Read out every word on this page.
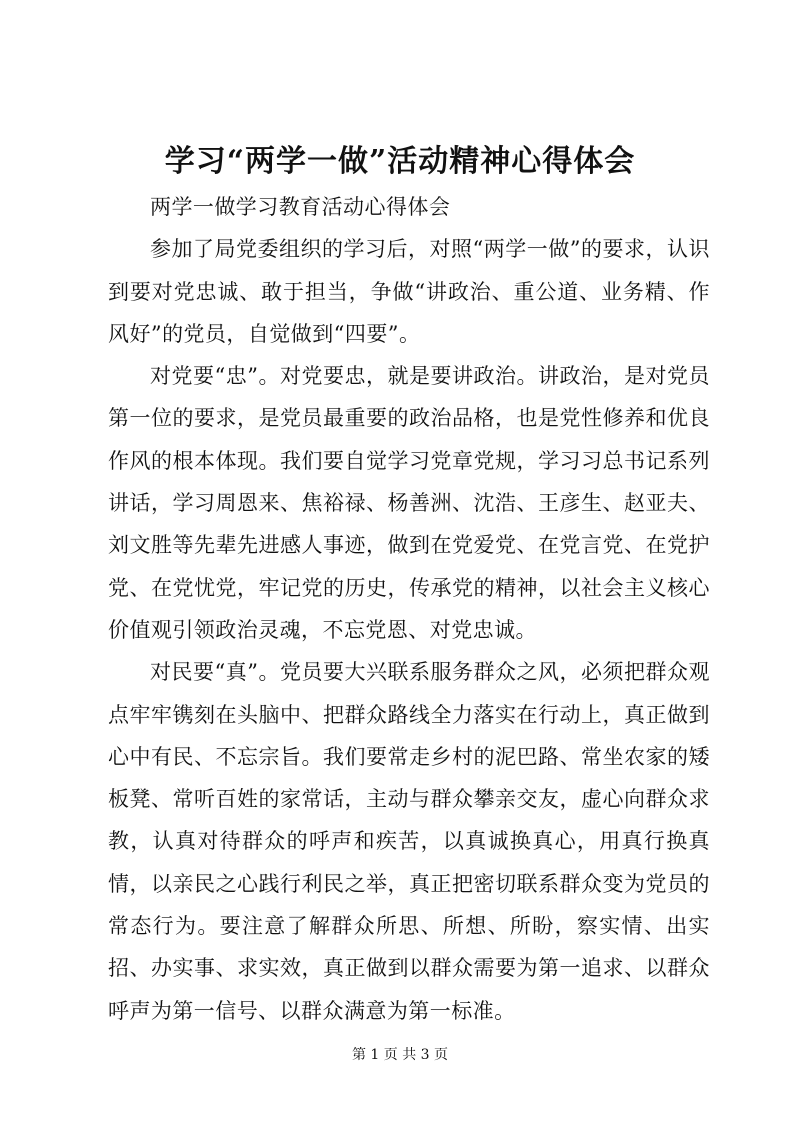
学习“两学一做”活动精神心得体会

两学一做学习教育活动心得体会

参加了局党委组织的学习后，对照“两学一做”的要求，认识到要对党忠诚、敢于担当，争做“讲政治、重公道、业务精、作风好”的党员，自觉做到“四要”。

对党要“忠”。对党要忠，就是要讲政治。讲政治，是对党员第一位的要求，是党员最重要的政治品格，也是党性修养和优良作风的根本体现。我们要自觉学习党章党规，学习习总书记系列讲话，学习周恩来、焦裕禄、杨善洲、沈浩、王彦生、赵亚夫、刘文胜等先辈先进感人事迹，做到在党爱党、在党言党、在党护党、在党忧党，牢记党的历史，传承党的精神，以社会主义核心价值观引领政治灵魂，不忘党恩、对党忠诚。

对民要“真”。党员要大兴联系服务群众之风，必须把群众观点牢牢镌刻在头脑中、把群众路线全力落实在行动上，真正做到心中有民、不忘宗旨。我们要常走乡村的泥巴路、常坐农家的矮板凳、常听百姓的家常话，主动与群众攀亲交友，虚心向群众求教，认真对待群众的呼声和疾苦，以真诚换真心，用真行换真情，以亲民之心践行利民之举，真正把密切联系群众变为党员的常态行为。要注意了解群众所思、所想、所盼，察实情、出实招、办实事、求实效，真正做到以群众需要为第一追求、以群众呼声为第一信号、以群众满意为第一标准。

第 1 页 共 3 页
